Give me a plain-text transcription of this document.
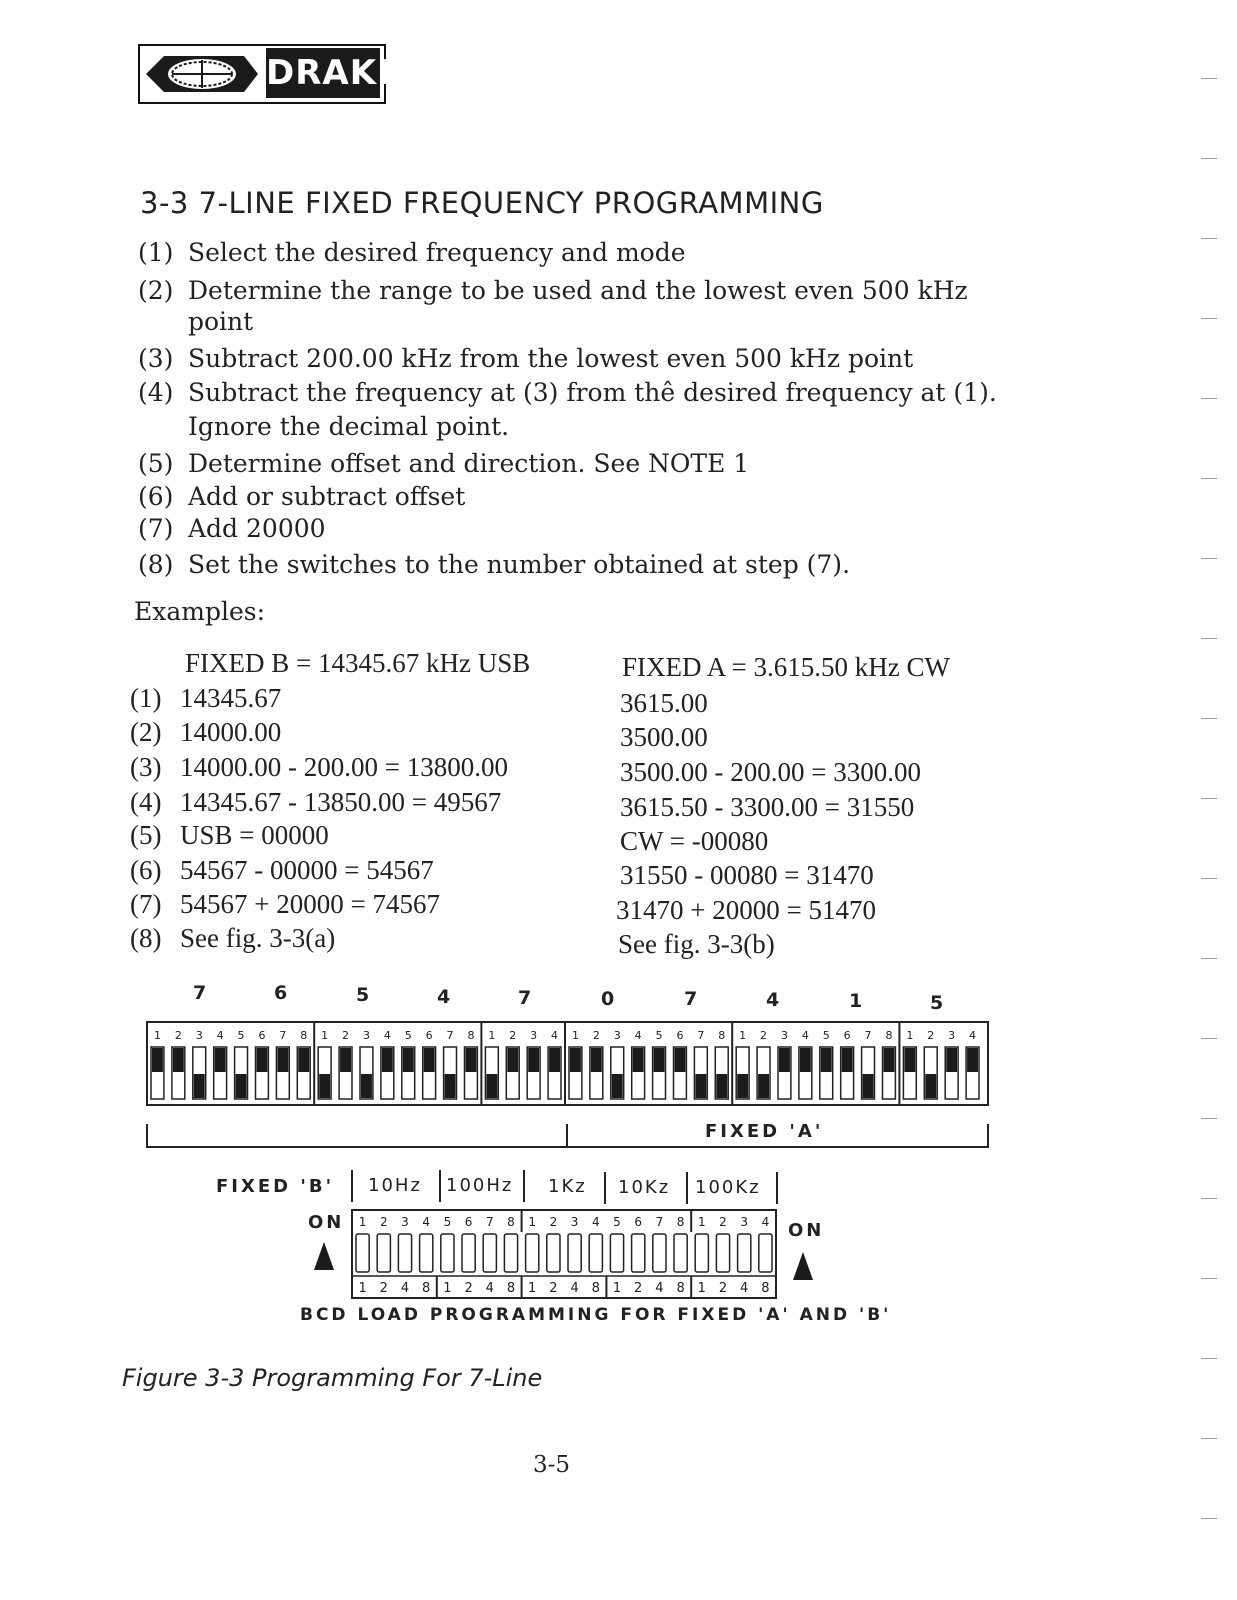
DRAKE
3-3 7-LINE FIXED FREQUENCY PROGRAMMING
(1) Select the desired frequency and mode
(2) Determine the range to be used and the lowest even 500 kHz
point
(3) Subtract 200.00 kHz from the lowest even 500 kHz point
(4) Subtract the frequency at (3) from thê desired frequency at (1).
Ignore the decimal point.
(5) Determine offset and direction. See NOTE 1
(6) Add or subtract offset
(7) Add 20000
(8) Set the switches to the number obtained at step (7).
Examples:
FIXED B = 14345.67 kHz USB
(1) 14345.67
(2) 14000.00
(3) 14000.00 - 200.00 = 13800.00
(4) 14345.67 - 13850.00 = 49567
(5) USB = 00000
(6) 54567 - 00000 = 54567
(7) 54567 + 20000 = 74567
(8) See fig. 3-3(a)
FIXED A = 3.615.50 kHz CW
3615.00
3500.00
3500.00 - 200.00 = 3300.00
3615.50 - 3300.00 = 31550
CW = -00080
31550 - 00080 = 31470
31470 + 20000 = 51470
See fig. 3-3(b)
7	6	5	4	7	0	7	4	1	5
1 2 3 4 5 6 7 8 1 2 3 4 5 6 7 8 1 2 3 4 1 2 3 4 5 6 7 8 1 2 3 4 5 6 7 8 1 2 3 4
FIXED 'A'
FIXED 'B' 10Hz 100Hz 1Kz 10Kz 100Kz
ON	ON
1
1
2
2
3
4
4
8
5
1
6
2
7
4
8
8
1
1
2
2
3
4
4
8
5
1
6
2
7
4
8
8
1
1
2
2
3
4
4
8
BCD LOAD PROGRAMMING FOR FIXED 'A' AND 'B'
Figure 3-3 Programming For 7-Line
3-5
